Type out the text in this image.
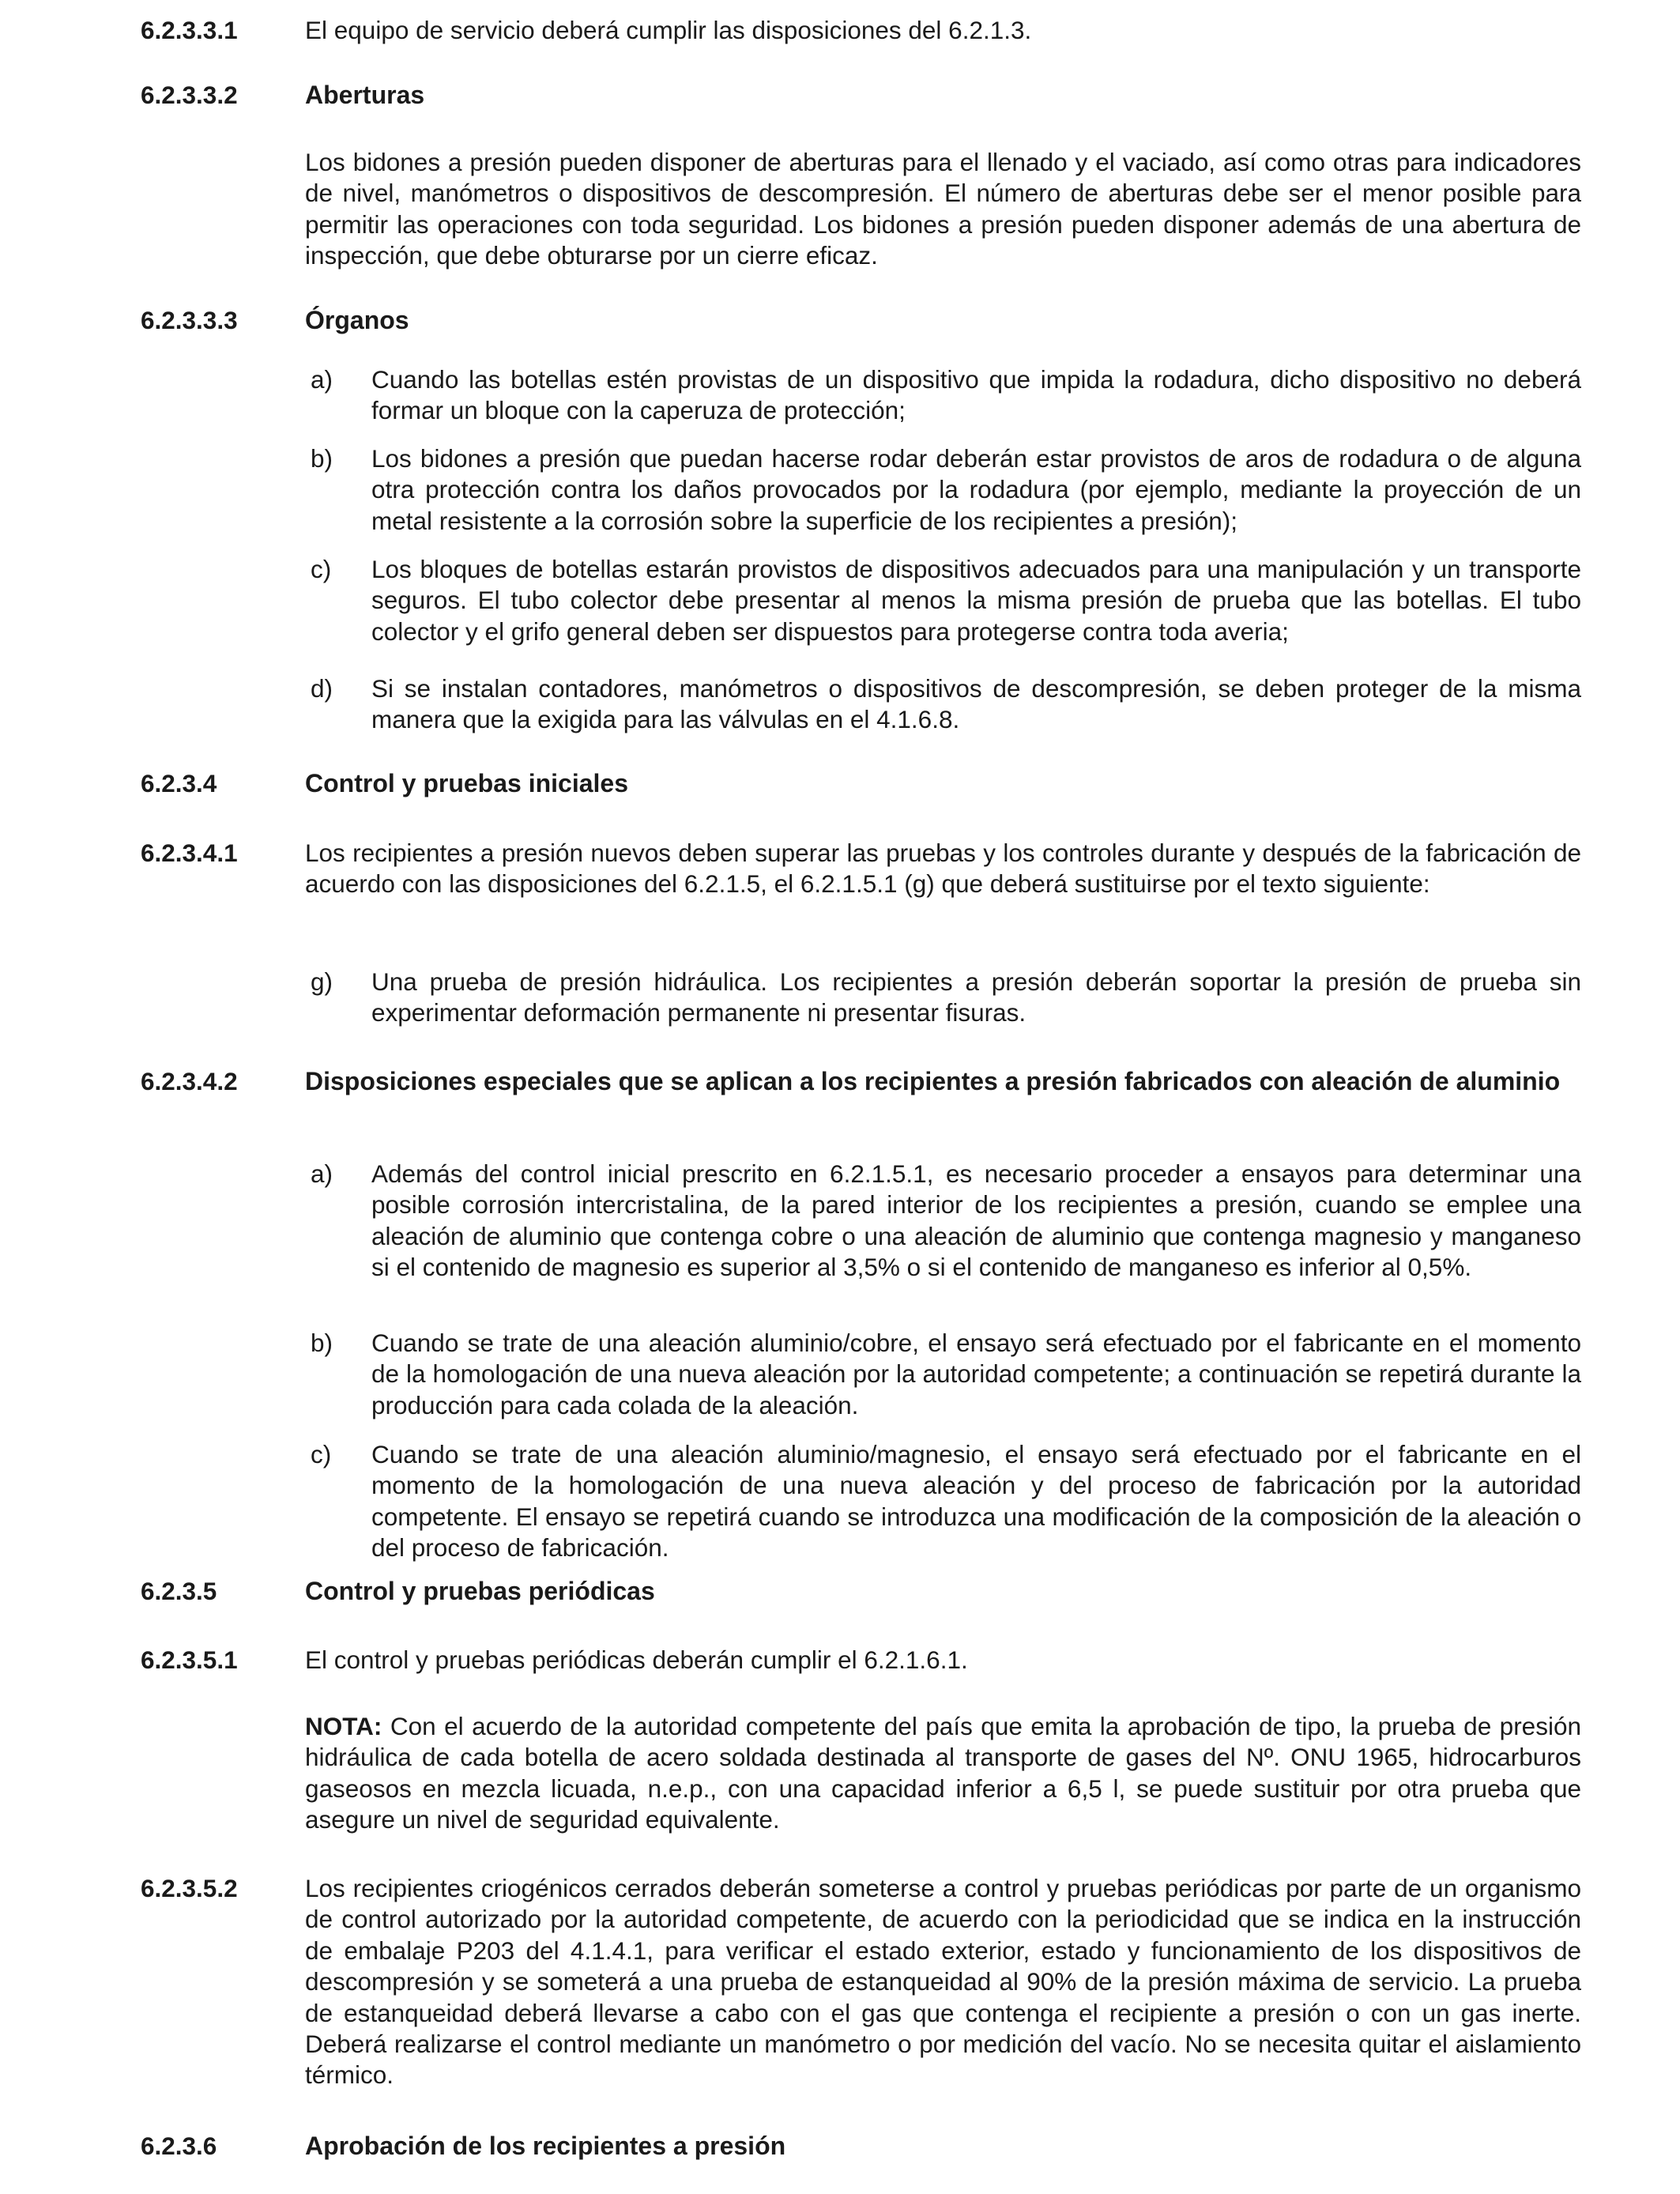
6.2.3.3.1	El equipo de servicio deberá cumplir las disposiciones del 6.2.1.3.
6.2.3.3.2	Aberturas
Los bidones a presión pueden disponer de aberturas para el llenado y el vaciado, así como otras para indicadores de nivel, manómetros o dispositivos de descompresión. El número de aberturas debe ser el menor posible para permitir las operaciones con toda seguridad. Los bidones a presión pueden disponer además de una abertura de inspección, que debe obturarse por un cierre eficaz.
6.2.3.3.3	Órganos
a) Cuando las botellas estén provistas de un dispositivo que impida la rodadura, dicho dispositivo no deberá formar un bloque con la caperuza de protección;
b) Los bidones a presión que puedan hacerse rodar deberán estar provistos de aros de rodadura o de alguna otra protección contra los daños provocados por la rodadura (por ejemplo, mediante la proyección de un metal resistente a la corrosión sobre la superficie de los recipientes a presión);
c) Los bloques de botellas estarán provistos de dispositivos adecuados para una manipulación y un transporte seguros. El tubo colector debe presentar al menos la misma presión de prueba que las botellas. El tubo colector y el grifo general deben ser dispuestos para protegerse contra toda averia;
d) Si se instalan contadores, manómetros o dispositivos de descompresión, se deben proteger de la misma manera que la exigida para las válvulas en el 4.1.6.8.
6.2.3.4	Control y pruebas iniciales
6.2.3.4.1	Los recipientes a presión nuevos deben superar las pruebas y los controles durante y después de la fabricación de acuerdo con las disposiciones del 6.2.1.5, el 6.2.1.5.1 (g) que deberá sustituirse por el texto siguiente:
g) Una prueba de presión hidráulica. Los recipientes a presión deberán soportar la presión de prueba sin experimentar deformación permanente ni presentar fisuras.
6.2.3.4.2	Disposiciones especiales que se aplican a los recipientes a presión fabricados con aleación de aluminio
a) Además del control inicial prescrito en 6.2.1.5.1, es necesario proceder a ensayos para determinar una posible corrosión intercristalina, de la pared interior de los recipientes a presión, cuando se emplee una aleación de aluminio que contenga cobre o una aleación de aluminio que contenga magnesio y manganeso si el contenido de magnesio es superior al 3,5% o si el contenido de manganeso es inferior al 0,5%.
b) Cuando se trate de una aleación aluminio/cobre, el ensayo será efectuado por el fabricante en el momento de la homologación de una nueva aleación por la autoridad competente; a continuación se repetirá durante la producción para cada colada de la aleación.
c) Cuando se trate de una aleación aluminio/magnesio, el ensayo será efectuado por el fabricante en el momento de la homologación de una nueva aleación y del proceso de fabricación por la autoridad competente. El ensayo se repetirá cuando se introduzca una modificación de la composición de la aleación o del proceso de fabricación.
6.2.3.5	Control y pruebas periódicas
6.2.3.5.1	El control y pruebas periódicas deberán cumplir el 6.2.1.6.1.
NOTA: Con el acuerdo de la autoridad competente del país que emita la aprobación de tipo, la prueba de presión hidráulica de cada botella de acero soldada destinada al transporte de gases del Nº. ONU 1965, hidrocarburos gaseosos en mezcla licuada, n.e.p., con una capacidad inferior a 6,5 l, se puede sustituir por otra prueba que asegure un nivel de seguridad equivalente.
6.2.3.5.2	Los recipientes criogénicos cerrados deberán someterse a control y pruebas periódicas por parte de un organismo de control autorizado por la autoridad competente, de acuerdo con la periodicidad que se indica en la instrucción de embalaje P203 del 4.1.4.1, para verificar el estado exterior, estado y funcionamiento de los dispositivos de descompresión y se someterá a una prueba de estanqueidad al 90% de la presión máxima de servicio. La prueba de estanqueidad deberá llevarse a cabo con el gas que contenga el recipiente a presión o con un gas inerte. Deberá realizarse el control mediante un manómetro o por medición del vacío. No se necesita quitar el aislamiento térmico.
6.2.3.6	Aprobación de los recipientes a presión
